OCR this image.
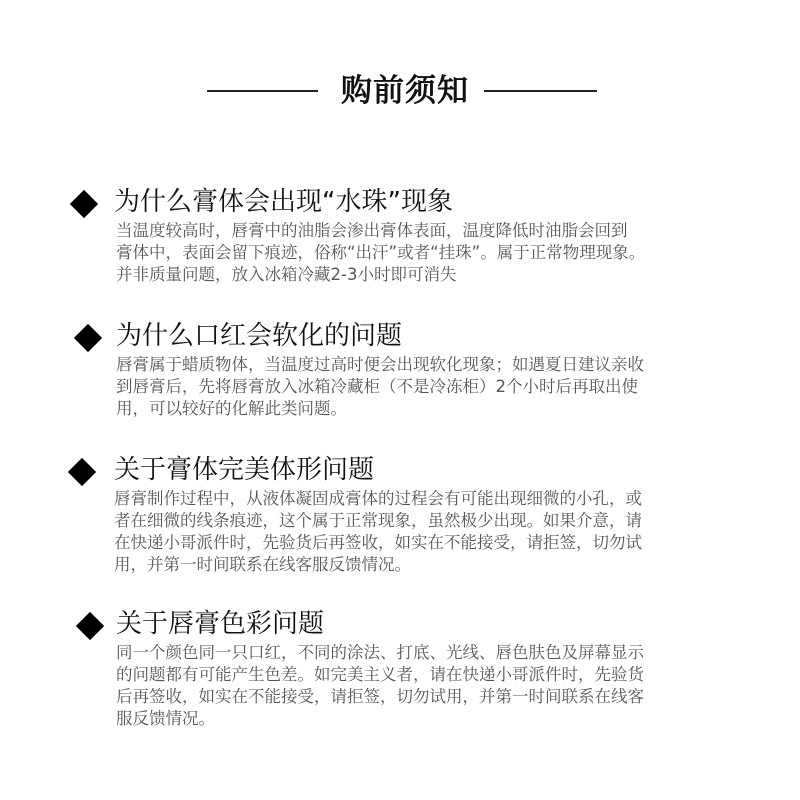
购前须知
为什么膏体会出现“水珠”现象
当温度较高时，唇膏中的油脂会渗出膏体表面，温度降低时油脂会回到
膏体中，表面会留下痕迹，俗称“出汗”或者“挂珠”。属于正常物理现象。
并非质量问题，放入冰箱冷藏2-3小时即可消失
为什么口红会软化的问题
唇膏属于蜡质物体，当温度过高时便会出现软化现象；如遇夏日建议亲收
到唇膏后，先将唇膏放入冰箱冷藏柜（不是冷冻柜）2个小时后再取出使
用，可以较好的化解此类问题。
关于膏体完美体形问题
唇膏制作过程中，从液体凝固成膏体的过程会有可能出现细微的小孔，或
者在细微的线条痕迹，这个属于正常现象，虽然极少出现。如果介意，请
在快递小哥派件时，先验货后再签收，如实在不能接受，请拒签，切勿试
用，并第一时间联系在线客服反馈情况。
关于唇膏色彩问题
同一个颜色同一只口红，不同的涂法、打底、光线、唇色肤色及屏幕显示
的问题都有可能产生色差。如完美主义者，请在快递小哥派件时，先验货
后再签收，如实在不能接受，请拒签，切勿试用，并第一时间联系在线客
服反馈情况。
